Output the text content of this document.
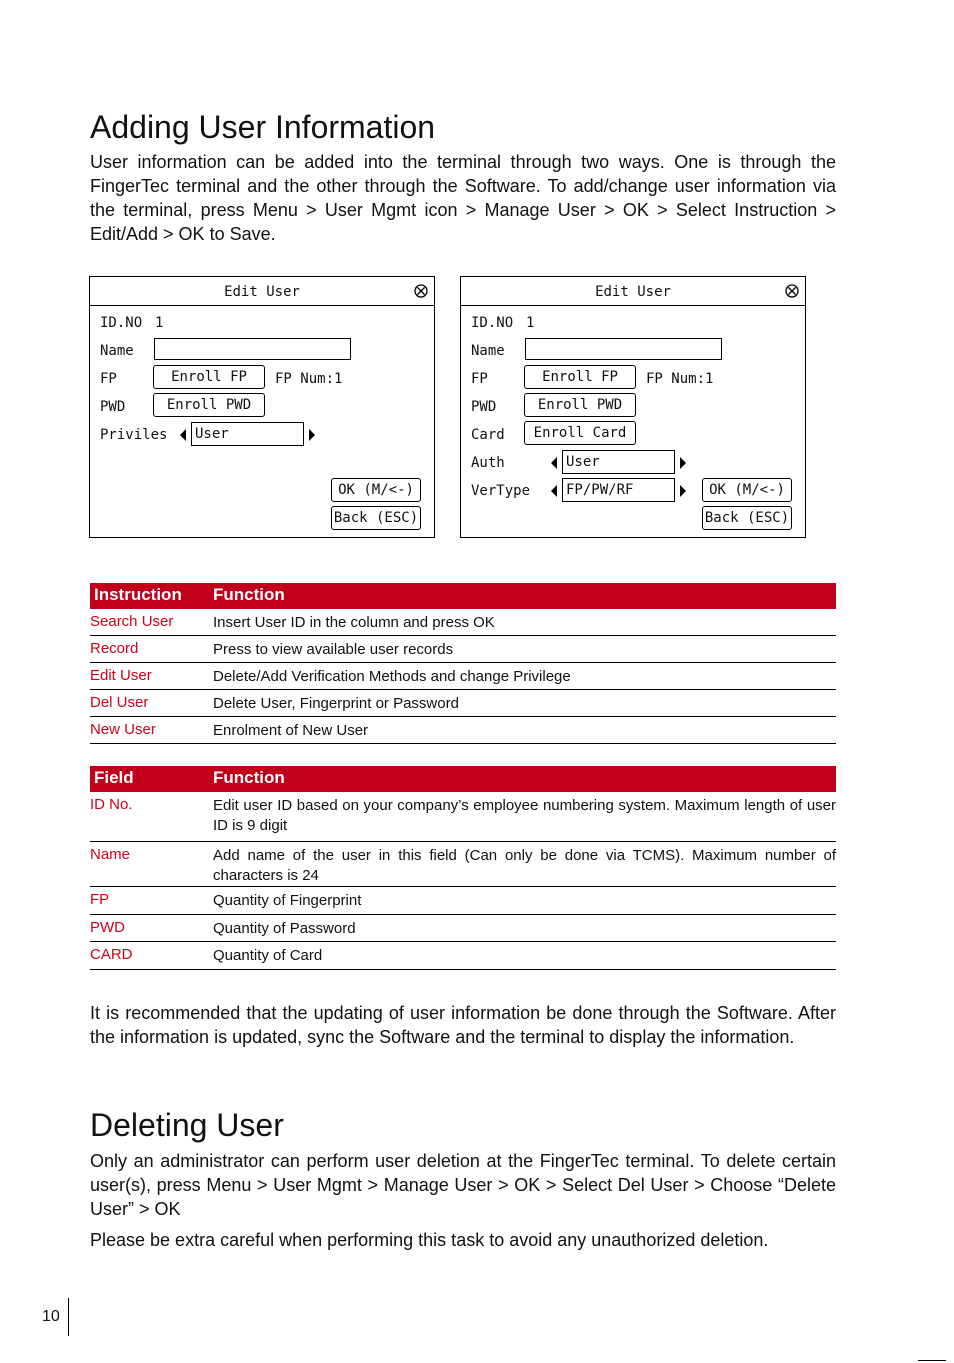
Adding User Information

User information can be added into the terminal through two ways. One is through the FingerTec terminal and the other through the Software. To add/change user information via the terminal, press Menu > User Mgmt icon > Manage User > OK > Select Instruction > Edit/Add > OK to Save.

Edit User
ID.NO 1
Name
FP	Enroll FP	FP Num:1
PWD	Enroll PWD
Priviles User
OK (M/<-)
Back (ESC)
Edit User
ID.NO 1
Name
FP	Enroll FP	FP Num:1
PWD	Enroll PWD
Card	Enroll Card
Auth	User
VerType	FP/PW/RF	OK (M/<-)
Back (ESC)
Instruction Function
Search User	Insert User ID in the column and press OK
Record	Press to view available user records
Edit User	Delete/Add Verification Methods and change Privilege
Del User	Delete User, Fingerprint or Password
New User	Enrolment of New User
Field	Function
ID No.	Edit user ID based on your company’s employee numbering system. Maximum length of user ID is 9 digit
Name	Add name of the user in this field (Can only be done via TCMS). Maximum number of characters is 24
FP	Quantity of Fingerprint
PWD	Quantity of Password
CARD	Quantity of Card

It is recommended that the updating of user information be done through the Software. After the information is updated, sync the Software and the terminal to display the information.

Deleting User

Only an administrator can perform user deletion at the FingerTec terminal. To delete certain user(s), press Menu > User Mgmt > Manage User > OK > Select Del User > Choose “Delete User” > OK

Please be extra careful when performing this task to avoid any unauthorized deletion.

10
